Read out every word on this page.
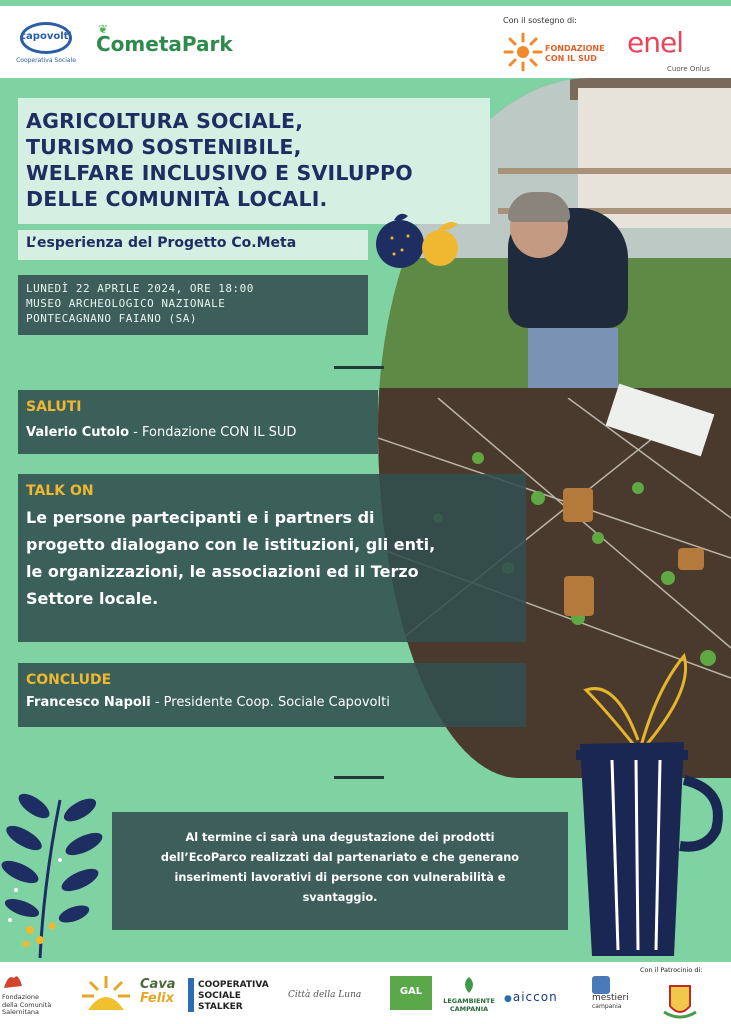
capovolti
Cooperativa Sociale
❦
CometaPark
Con il sostegno di:
FONDAZIONE
CON IL SUD enel
Cuore Onlus
AGRICOLTURA SOCIALE,
TURISMO SOSTENIBILE,
WELFARE INCLUSIVO E SVILUPPO
DELLE COMUNITÀ LOCALI.
L’esperienza del Progetto Co.Meta
LUNEDÌ 22 APRILE 2024, ORE 18:00
MUSEO ARCHEOLOGICO NAZIONALE
PONTECAGNANO FAIANO (SA)
SALUTI
Valerio Cutolo - Fondazione CON IL SUD
TALK ON
Le persone partecipanti e i partners di
progetto dialogano con le istituzioni, gli enti,
le organizzazioni, le associazioni ed il Terzo
Settore locale.
CONCLUDE
Francesco Napoli - Presidente Coop. Sociale Capovolti
Al termine ci sarà una degustazione dei prodotti
dell’EcoParco realizzati dal partenariato e che generano
inserimenti lavorativi di persone con vulnerabilità e
svantaggio.
Fondazione
della Comunità
Salernitana
Cava
Felix
COOPERATIVA
SOCIALE
STALKER
Città della Luna	GAL
LEGAMBIENTE
CAMPANIA
●aiccon	mestieri
campania
Con il Patrocinio di:
